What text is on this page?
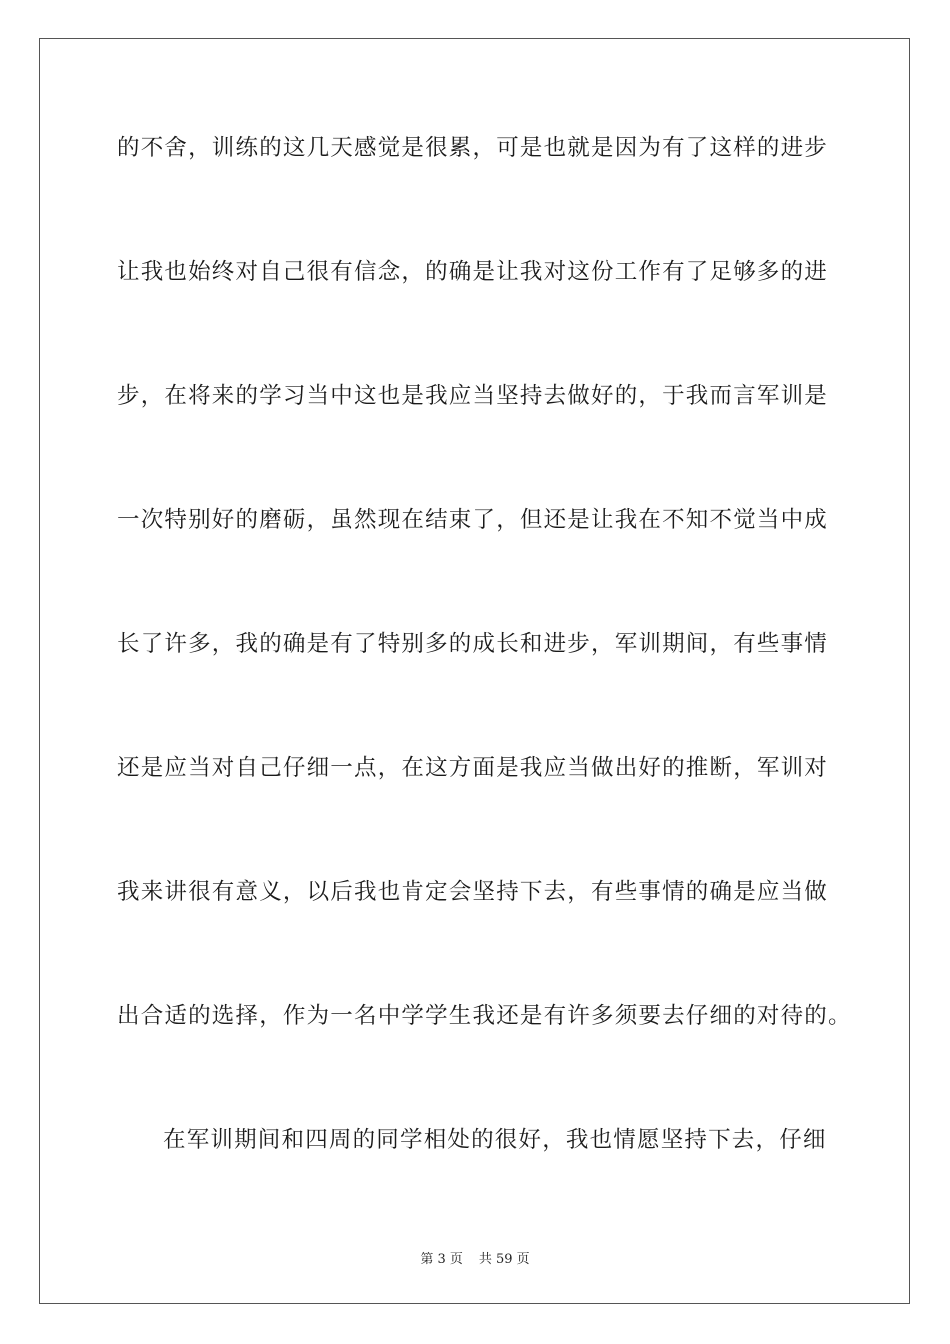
的不舍，训练的这几天感觉是很累，可是也就是因为有了这样的进步
让我也始终对自己很有信念，的确是让我对这份工作有了足够多的进
步，在将来的学习当中这也是我应当坚持去做好的，于我而言军训是
一次特别好的磨砺，虽然现在结束了，但还是让我在不知不觉当中成
长了许多，我的确是有了特别多的成长和进步，军训期间，有些事情
还是应当对自己仔细一点，在这方面是我应当做出好的推断，军训对
我来讲很有意义，以后我也肯定会坚持下去，有些事情的确是应当做
出合适的选择，作为一名中学学生我还是有许多须要去仔细的对待的。
在军训期间和四周的同学相处的很好，我也情愿坚持下去，仔细
第 3 页 共 59 页
